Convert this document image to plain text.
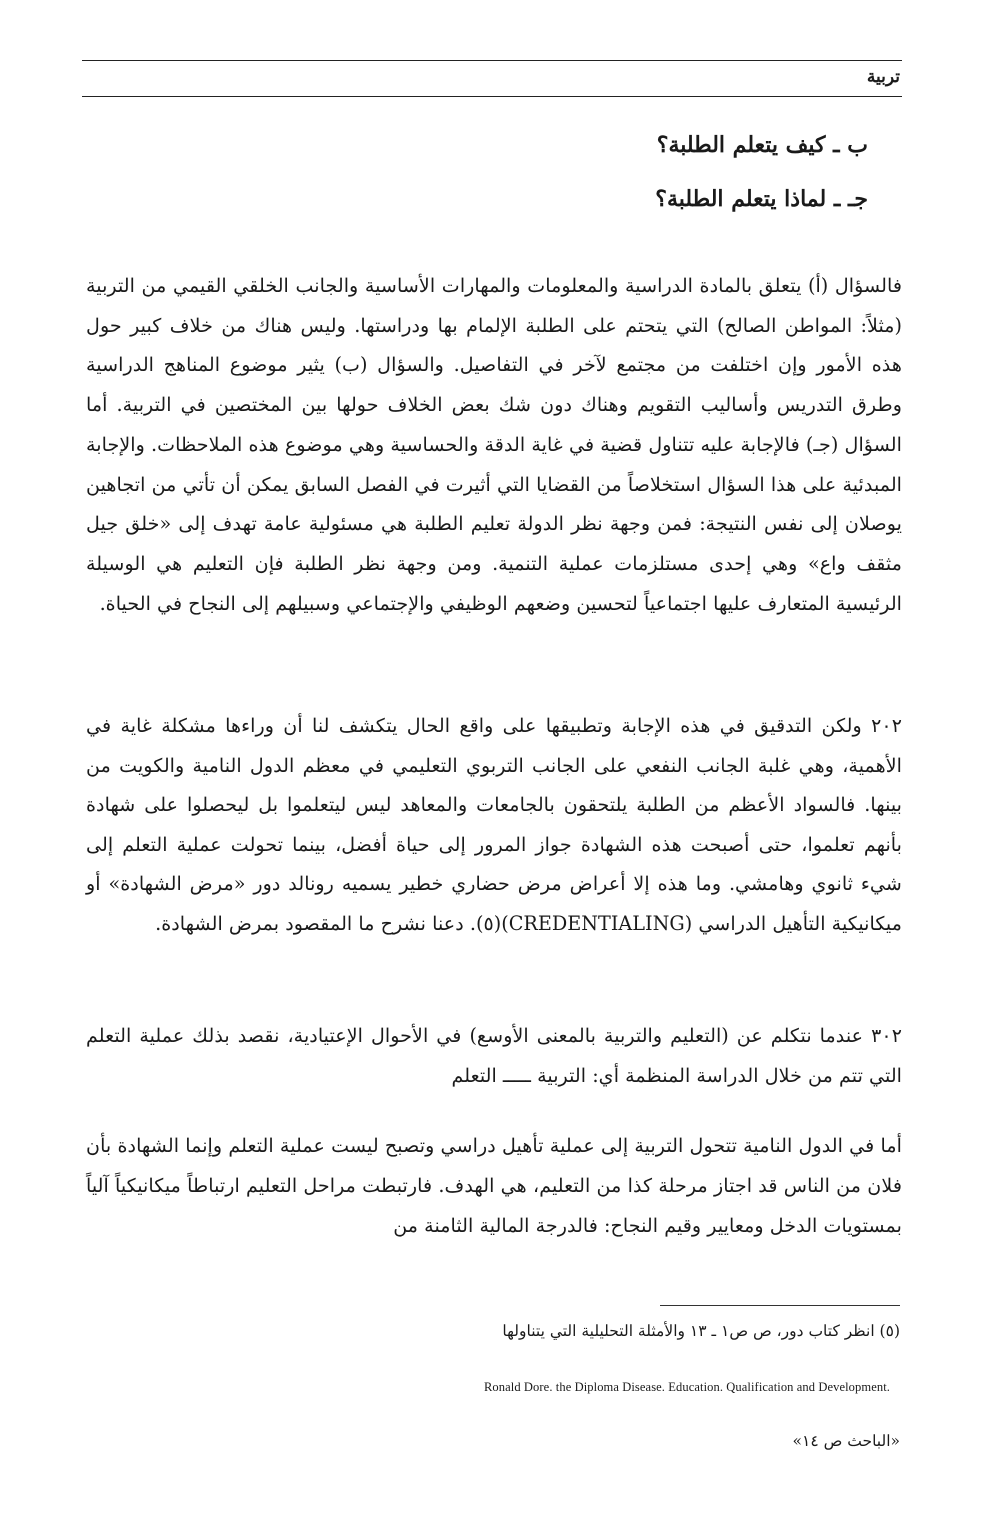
تربية
ب ـ كيف يتعلم الطلبة؟
جـ ـ لماذا يتعلم الطلبة؟

فالسؤال (أ) يتعلق بالمادة الدراسية والمعلومات والمهارات الأساسية والجانب الخلقي القيمي من التربية (مثلاً: المواطن الصالح) التي يتحتم على الطلبة الإلمام بها ودراستها. وليس هناك من خلاف كبير حول هذه الأمور وإن اختلفت من مجتمع لآخر في التفاصيل. والسؤال (ب) يثير موضوع المناهج الدراسية وطرق التدريس وأساليب التقويم وهناك دون شك بعض الخلاف حولها بين المختصين في التربية. أما السؤال (جـ) فالإجابة عليه تتناول قضية في غاية الدقة والحساسية وهي موضوع هذه الملاحظات. والإجابة المبدئية على هذا السؤال استخلاصاً من القضايا التي أثيرت في الفصل السابق يمكن أن تأتي من اتجاهين يوصلان إلى نفس النتيجة: فمن وجهة نظر الدولة تعليم الطلبة هي مسئولية عامة تهدف إلى «خلق جيل مثقف واع» وهي إحدى مستلزمات عملية التنمية. ومن وجهة نظر الطلبة فإن التعليم هي الوسيلة الرئيسية المتعارف عليها اجتماعياً لتحسين وضعهم الوظيفي والإجتماعي وسبيلهم إلى النجاح في الحياة.

٢٠٢ ولكن التدقيق في هذه الإجابة وتطبيقها على واقع الحال يتكشف لنا أن وراءها مشكلة غاية في الأهمية، وهي غلبة الجانب النفعي على الجانب التربوي التعليمي في معظم الدول النامية والكويت من بينها. فالسواد الأعظم من الطلبة يلتحقون بالجامعات والمعاهد ليس ليتعلموا بل ليحصلوا على شهادة بأنهم تعلموا، حتى أصبحت هذه الشهادة جواز المرور إلى حياة أفضل، بينما تحولت عملية التعلم إلى شيء ثانوي وهامشي. وما هذه إلا أعراض مرض حضاري خطير يسميه رونالد دور «مرض الشهادة» أو ميكانيكية التأهيل الدراسي (CREDENTIALING)(٥). دعنا نشرح ما المقصود بمرض الشهادة.

٣٠٢ عندما نتكلم عن (التعليم والتربية بالمعنى الأوسع) في الأحوال الإعتيادية، نقصد بذلك عملية التعلم التي تتم من خلال الدراسة المنظمة أي: التربية ـــــ التعلم

أما في الدول النامية تتحول التربية إلى عملية تأهيل دراسي وتصبح ليست عملية التعلم وإنما الشهادة بأن فلان من الناس قد اجتاز مرحلة كذا من التعليم، هي الهدف. فارتبطت مراحل التعليم ارتباطاً ميكانيكياً آلياً بمستويات الدخل ومعايير وقيم النجاح: فالدرجة المالية الثامنة من

(٥) انظر كتاب دور، ص ص١ ـ ١٣ والأمثلة التحليلية التي يتناولها
Ronald Dore. the Diploma Disease. Education. Qualification and Development.
«الباحث ص ١٤»
